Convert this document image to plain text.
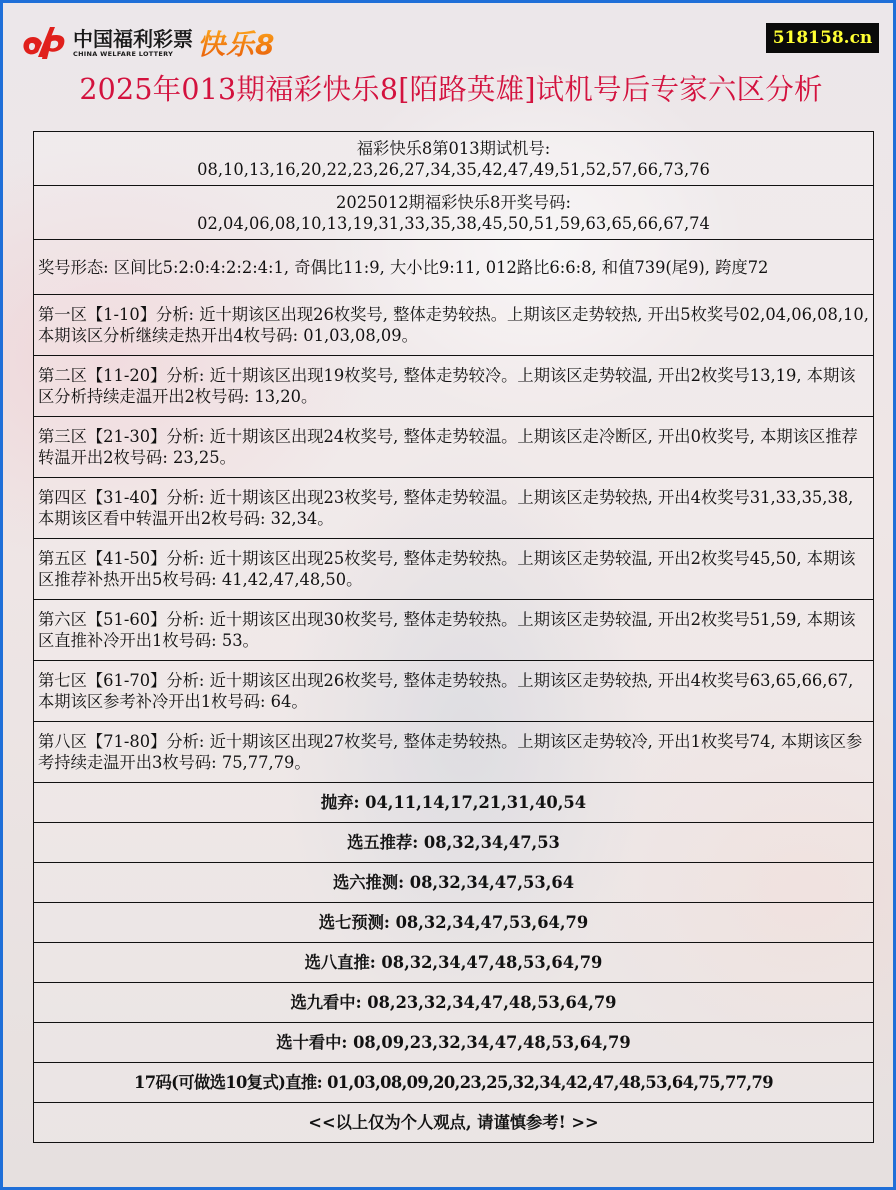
中国福利彩票
CHINA WELFARE LOTTERY 快乐8	518158.cn
2025年013期福彩快乐8[陌路英雄]试机号后专家六区分析
福彩快乐8第013期试机号:
08,10,13,16,20,22,23,26,27,34,35,42,47,49,51,52,57,66,73,76

2025012期福彩快乐8开奖号码:
02,04,06,08,10,13,19,31,33,35,38,45,50,51,59,63,65,66,67,74

奖号形态: 区间比5:2:0:4:2:2:4:1, 奇偶比11:9, 大小比9:11, 012路比6:6:8, 和值739(尾9), 跨度72
第一区【1-10】分析: 近十期该区出现26枚奖号, 整体走势较热。上期该区走势较热, 开出5枚奖号02,04,06,08,10, 本期该区分析继续走热开出4枚号码: 01,03,08,09。
第二区【11-20】分析: 近十期该区出现19枚奖号, 整体走势较冷。上期该区走势较温, 开出2枚奖号13,19, 本期该区分析持续走温开出2枚号码: 13,20。
第三区【21-30】分析: 近十期该区出现24枚奖号, 整体走势较温。上期该区走冷断区, 开出0枚奖号, 本期该区推荐转温开出2枚号码: 23,25。
第四区【31-40】分析: 近十期该区出现23枚奖号, 整体走势较温。上期该区走势较热, 开出4枚奖号31,33,35,38, 本期该区看中转温开出2枚号码: 32,34。
第五区【41-50】分析: 近十期该区出现25枚奖号, 整体走势较热。上期该区走势较温, 开出2枚奖号45,50, 本期该区推荐补热开出5枚号码: 41,42,47,48,50。
第六区【51-60】分析: 近十期该区出现30枚奖号, 整体走势较热。上期该区走势较温, 开出2枚奖号51,59, 本期该区直推补冷开出1枚号码: 53。
第七区【61-70】分析: 近十期该区出现26枚奖号, 整体走势较热。上期该区走势较热, 开出4枚奖号63,65,66,67, 本期该区参考补冷开出1枚号码: 64。
第八区【71-80】分析: 近十期该区出现27枚奖号, 整体走势较热。上期该区走势较冷, 开出1枚奖号74, 本期该区参考持续走温开出3枚号码: 75,77,79。
抛弃: 04,11,14,17,21,31,40,54
选五推荐: 08,32,34,47,53
选六推测: 08,32,34,47,53,64
选七预测: 08,32,34,47,53,64,79
选八直推: 08,32,34,47,48,53,64,79
选九看中: 08,23,32,34,47,48,53,64,79
选十看中: 08,09,23,32,34,47,48,53,64,79
17码(可做选10复式)直推: 01,03,08,09,20,23,25,32,34,42,47,48,53,64,75,77,79
<<以上仅为个人观点, 请谨慎参考! >>
